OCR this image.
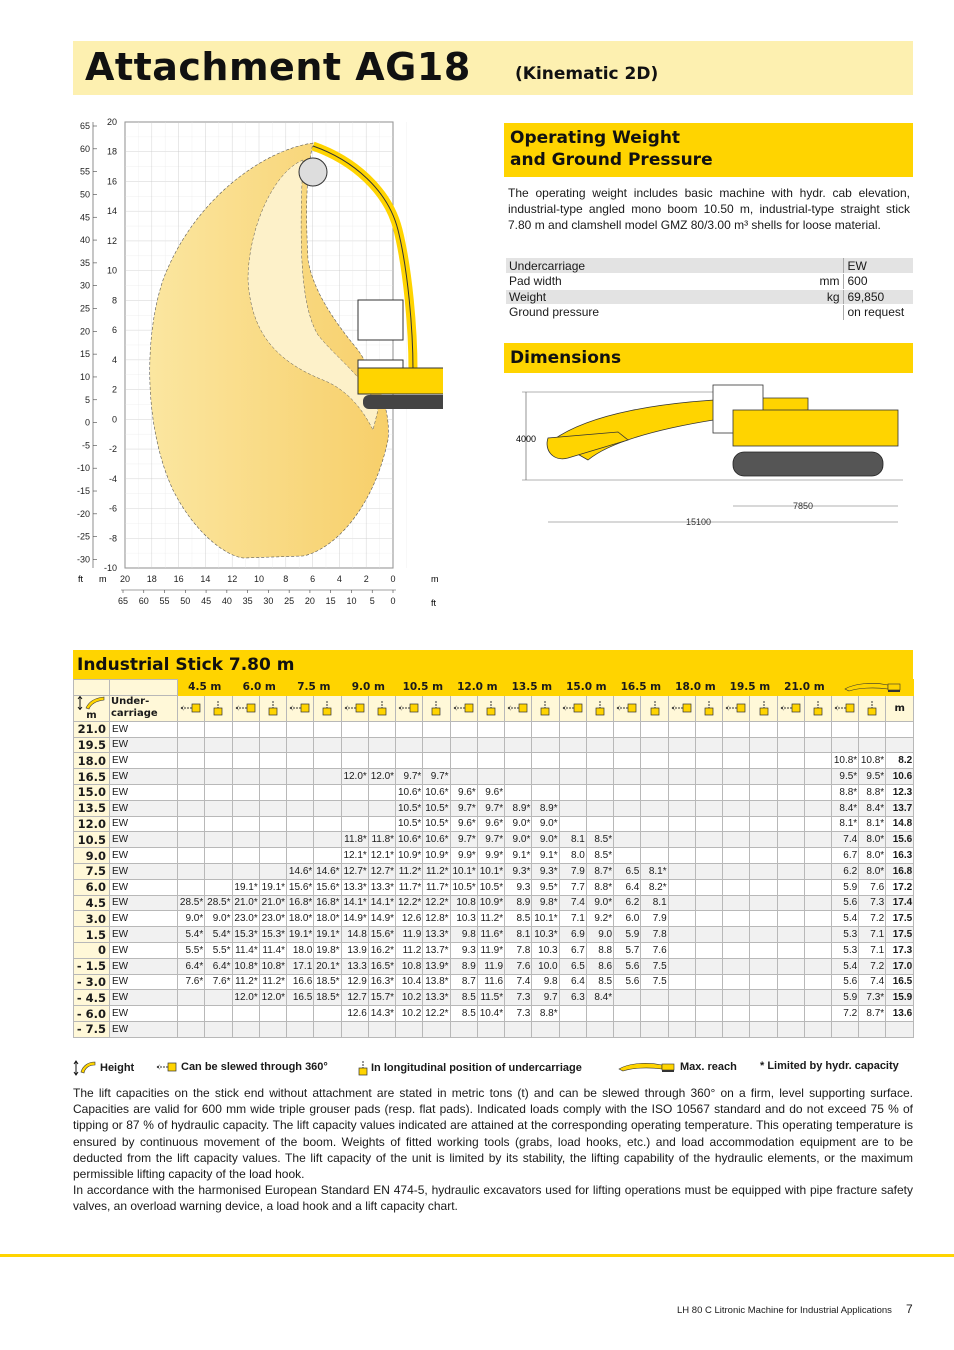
Attachment AG18	(Kinematic 2D)
65
60
55
50
45
40
35
30
25
20
15
10
5
0
-5
-10
-15
-20
-25
-30
20
18
16
14
12
10
8
6
4
2
0
-2
-4
-6
-8
-10
20 18 16 14 12 10 8 6 4 2 0
65 60 55 50 45 40 35 30 25 20 15 10 5 0
ft m	m
ft
Operating Weight
and Ground Pressure
The operating weight includes basic machine with hydr. cab elevation, industrial-type angled mono boom 10.50 m, industrial-type straight stick 7.80 m and clamshell model GMZ 80/3.00 m³ shells for loose material.
Undercarriage		EW
Pad width	mm	600
Weight	kg	69,850
Ground pressure		on request
Dimensions
4000
7850
15100
Industrial Stick 7.80 m
		4.5 m		6.0 m		7.5 m		9.0 m		10.5 m		12.0 m		13.5 m		15.0 m		16.5 m		18.0 m		19.5 m		21.0 m	

m	Under-
carriage																											m
21.0	EW																											
19.5	EW																											
18.0	EW																									10.8*	10.8*	8.2
16.5	EW							12.0*	12.0*	9.7*	9.7*															9.5*	9.5*	10.6
15.0	EW									10.6*	10.6*	9.6*	9.6*													8.8*	8.8*	12.3
13.5	EW									10.5*	10.5*	9.7*	9.7*	8.9*	8.9*											8.4*	8.4*	13.7
12.0	EW									10.5*	10.5*	9.6*	9.6*	9.0*	9.0*											8.1*	8.1*	14.8
10.5	EW							11.8*	11.8*	10.6*	10.6*	9.7*	9.7*	9.0*	9.0*	8.1	8.5*									7.4	8.0*	15.6
9.0	EW							12.1*	12.1*	10.9*	10.9*	9.9*	9.9*	9.1*	9.1*	8.0	8.5*									6.7	8.0*	16.3
7.5	EW					14.6*	14.6*	12.7*	12.7*	11.2*	11.2*	10.1*	10.1*	9.3*	9.3*	7.9	8.7*	6.5	8.1*							6.2	8.0*	16.8
6.0	EW			19.1*	19.1*	15.6*	15.6*	13.3*	13.3*	11.7*	11.7*	10.5*	10.5*	9.3	9.5*	7.7	8.8*	6.4	8.2*							5.9	7.6	17.2
4.5	EW	28.5*	28.5*	21.0*	21.0*	16.8*	16.8*	14.1*	14.1*	12.2*	12.2*	10.8	10.9*	8.9	9.8*	7.4	9.0*	6.2	8.1							5.6	7.3	17.4
3.0	EW	9.0*	9.0*	23.0*	23.0*	18.0*	18.0*	14.9*	14.9*	12.6	12.8*	10.3	11.2*	8.5	10.1*	7.1	9.2*	6.0	7.9							5.4	7.2	17.5
1.5	EW	5.4*	5.4*	15.3*	15.3*	19.1*	19.1*	14.8	15.6*	11.9	13.3*	9.8	11.6*	8.1	10.3*	6.9	9.0	5.9	7.8							5.3	7.1	17.5
0	EW	5.5*	5.5*	11.4*	11.4*	18.0	19.8*	13.9	16.2*	11.2	13.7*	9.3	11.9*	7.8	10.3	6.7	8.8	5.7	7.6							5.3	7.1	17.3
- 1.5	EW	6.4*	6.4*	10.8*	10.8*	17.1	20.1*	13.3	16.5*	10.8	13.9*	8.9	11.9	7.6	10.0	6.5	8.6	5.6	7.5							5.4	7.2	17.0
- 3.0	EW	7.6*	7.6*	11.2*	11.2*	16.6	18.5*	12.9	16.3*	10.4	13.8*	8.7	11.6	7.4	9.8	6.4	8.5	5.6	7.5							5.6	7.4	16.5
- 4.5	EW			12.0*	12.0*	16.5	18.5*	12.7	15.7*	10.2	13.3*	8.5	11.5*	7.3	9.7	6.3	8.4*									5.9	7.3*	15.9
- 6.0	EW							12.6	14.3*	10.2	12.2*	8.5	10.4*	7.3	8.8*											7.2	8.7*	13.6
- 7.5	EW																											
Height	Can be slewed through 360°	In longitudinal position of undercarriage	Max. reach * Limited by hydr. capacity

The lift capacities on the stick end without attachment are stated in metric tons (t) and can be slewed through 360° on a firm, level supporting surface. Capacities are valid for 600 mm wide triple grouser pads (resp. flat pads). Indicated loads comply with the ISO 10567 standard and do not exceed 75 % of tipping or 87 % of hydraulic capacity. The lift capacity values indicated are attained at the corresponding operating temperature. This operating temperature is ensured by continuous movement of the boom. Weights of fitted working tools (grabs, load hooks, etc.) and load accommodation equipment are to be deducted from the lift capacity values. The lift capacity of the unit is limited by its stability, the lifting capability of the hydraulic elements, or the maximum permissible lifting capacity of the load hook.

In accordance with the harmonised European Standard EN 474-5, hydraulic excavators used for lifting operations must be equipped with pipe fracture safety valves, an overload warning device, a load hook and a lift capacity chart.

LH 80 C Litronic Machine for Industrial Applications 7
